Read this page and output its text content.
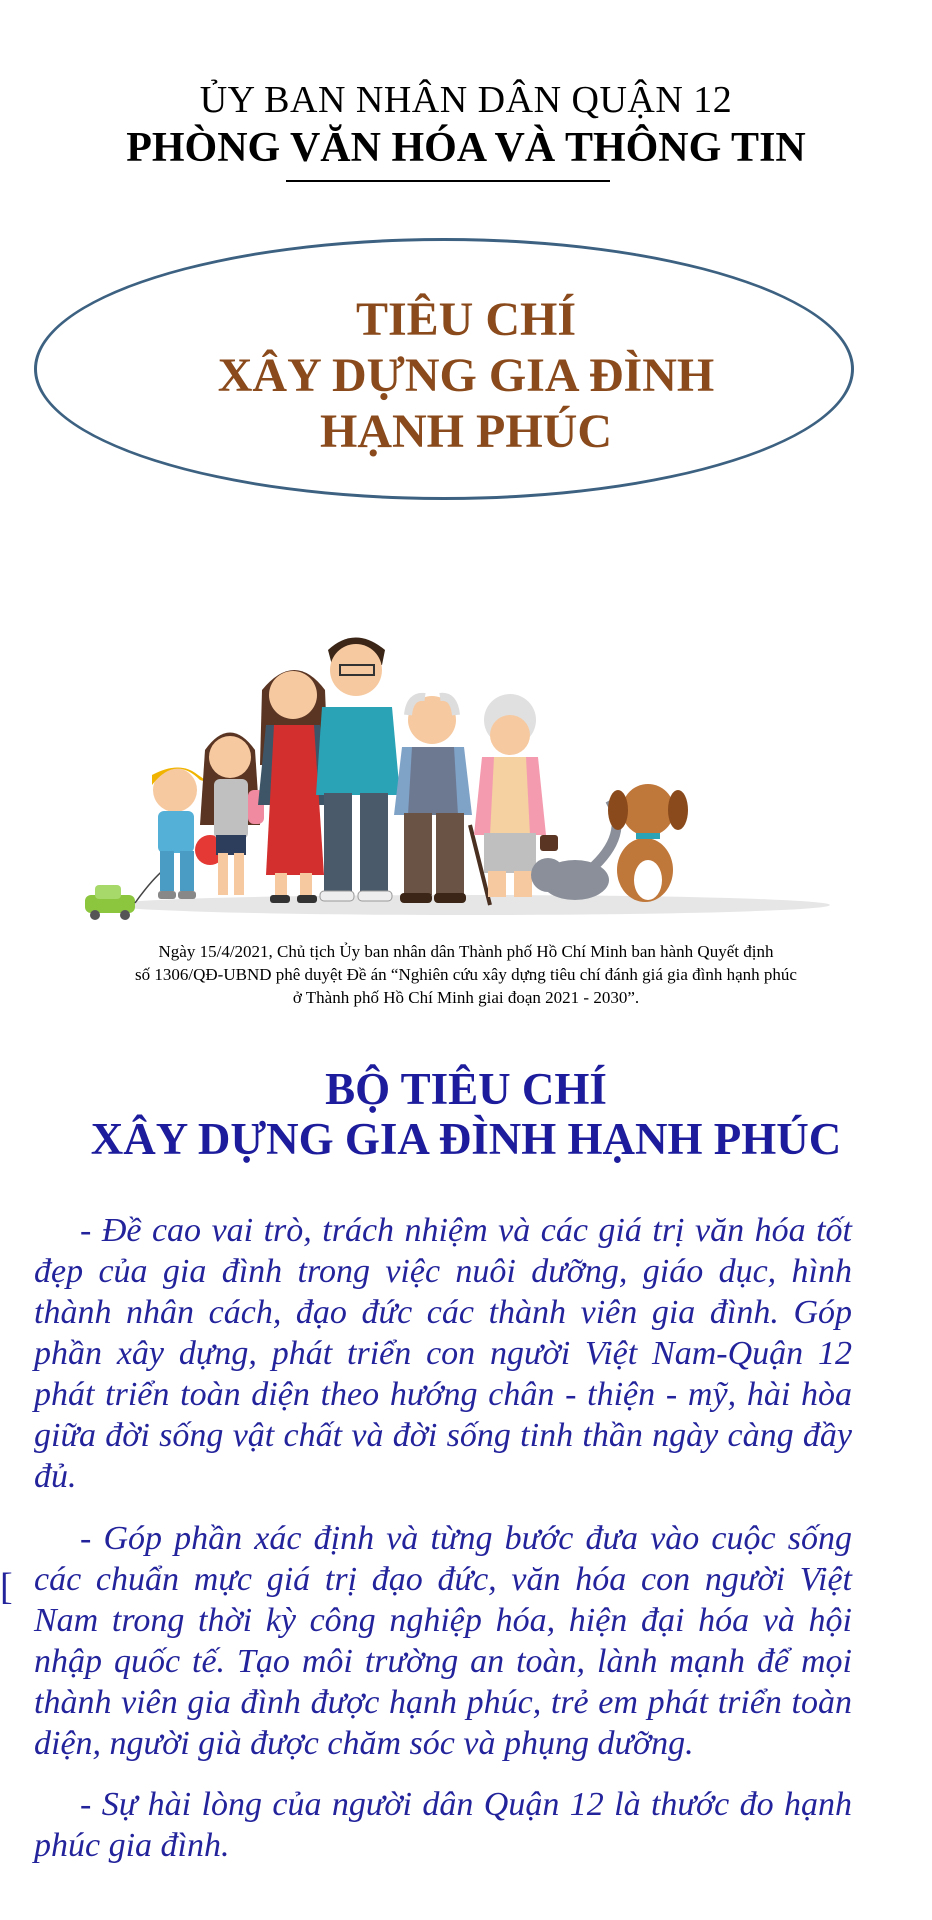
ỦY BAN NHÂN DÂN QUẬN 12
PHÒNG VĂN HÓA VÀ THÔNG TIN
TIÊU CHÍ
XÂY DỰNG GIA ĐÌNH
HẠNH PHÚC
Ngày 15/4/2021, Chủ tịch Ủy ban nhân dân Thành phố Hồ Chí Minh ban hành Quyết định
số 1306/QĐ-UBND phê duyệt Đề án “Nghiên cứu xây dựng tiêu chí đánh giá gia đình hạnh phúc
ở Thành phố Hồ Chí Minh giai đoạn 2021 - 2030”.
BỘ TIÊU CHÍ
XÂY DỰNG GIA ĐÌNH HẠNH PHÚC

- Đề cao vai trò, trách nhiệm và các giá trị văn hóa tốt đẹp của gia đình trong việc nuôi dưỡng, giáo dục, hình thành nhân cách, đạo đức các thành viên gia đình. Góp phần xây dựng, phát triển con người Việt Nam-Quận 12 phát triển toàn diện theo hướng chân - thiện - mỹ, hài hòa giữa đời sống vật chất và đời sống tinh thần ngày càng đầy đủ.

- Góp phần xác định và từng bước đưa vào cuộc sống các chuẩn mực giá trị đạo đức, văn hóa con người Việt Nam trong thời kỳ công nghiệp hóa, hiện đại hóa và hội nhập quốc tế. Tạo môi trường an toàn, lành mạnh để mọi thành viên gia đình được hạnh phúc, trẻ em phát triển toàn diện, người già được chăm sóc và phụng dưỡng.

- Sự hài lòng của người dân Quận 12 là thước đo hạnh phúc gia đình.

[
